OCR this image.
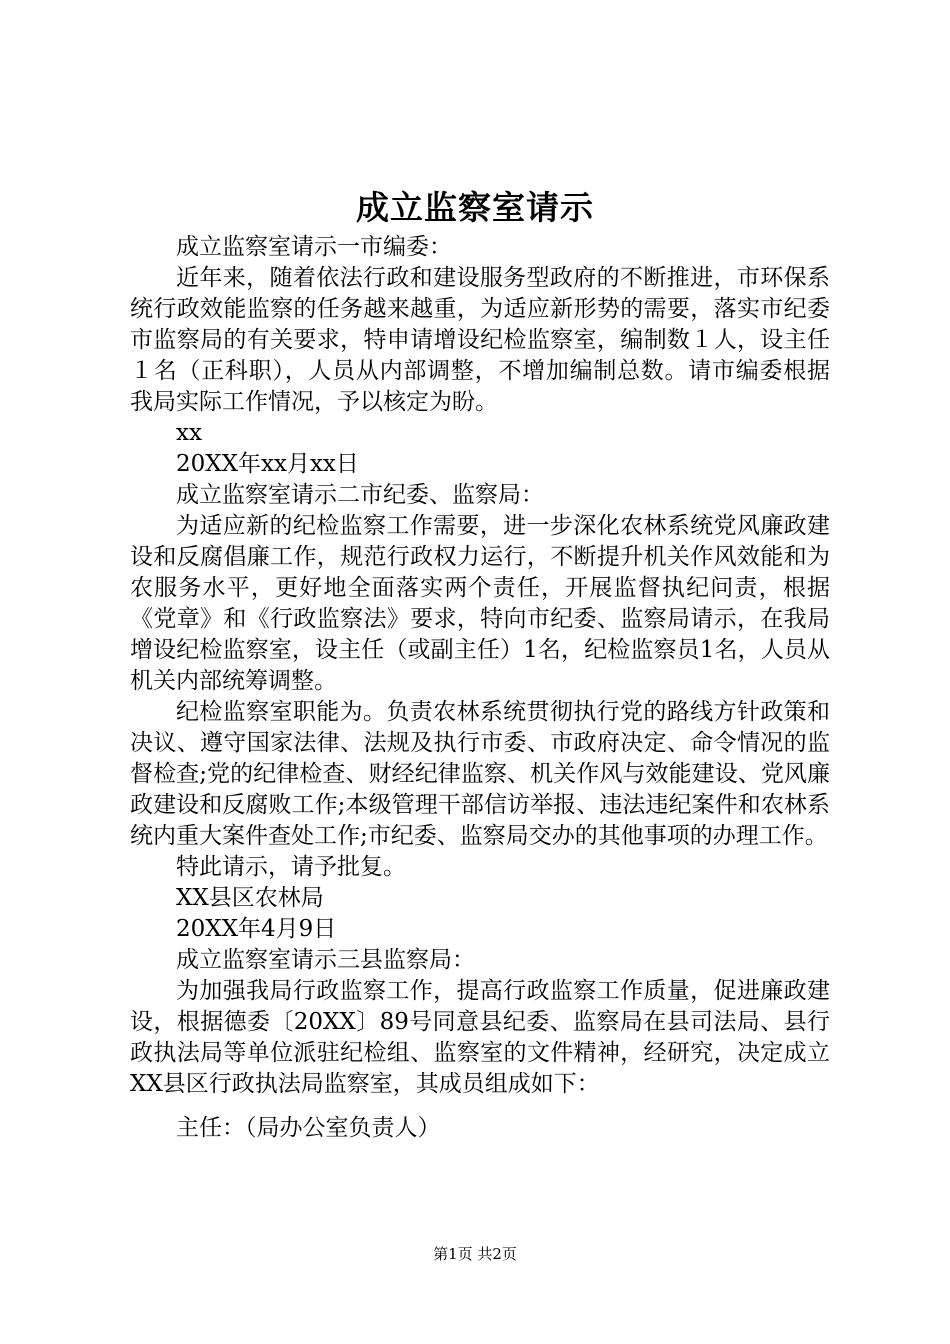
成立监察室请示

成立监察室请示一市编委：

近年来，随着依法行政和建设服务型政府的不断推进，市环保系统行政效能监察的任务越来越重，为适应新形势的需要，落实市纪委市监察局的有关要求，特申请增设纪检监察室，编制数１人，设主任１名（正科职），人员从内部调整，不增加编制总数。请市编委根据我局实际工作情况，予以核定为盼。

xx

20XX年xx月xx日

成立监察室请示二市纪委、监察局：

为适应新的纪检监察工作需要，进一步深化农林系统党风廉政建设和反腐倡廉工作，规范行政权力运行，不断提升机关作风效能和为农服务水平，更好地全面落实两个责任，开展监督执纪问责，根据《党章》和《行政监察法》要求，特向市纪委、监察局请示，在我局增设纪检监察室，设主任（或副主任）1名，纪检监察员1名，人员从机关内部统筹调整。

纪检监察室职能为。负责农林系统贯彻执行党的路线方针政策和决议、遵守国家法律、法规及执行市委、市政府决定、命令情况的监督检查;党的纪律检查、财经纪律监察、机关作风与效能建设、党风廉政建设和反腐败工作;本级管理干部信访举报、违法违纪案件和农林系统内重大案件查处工作;市纪委、监察局交办的其他事项的办理工作。

特此请示，请予批复。

XX县区农林局

20XX年4月9日

成立监察室请示三县监察局：

为加强我局行政监察工作，提高行政监察工作质量，促进廉政建设，根据德委〔20XX〕89号同意县纪委、监察局在县司法局、县行政执法局等单位派驻纪检组、监察室的文件精神，经研究，决定成立XX县区行政执法局监察室，其成员组成如下：

主任：（局办公室负责人）

第1页 共2页
